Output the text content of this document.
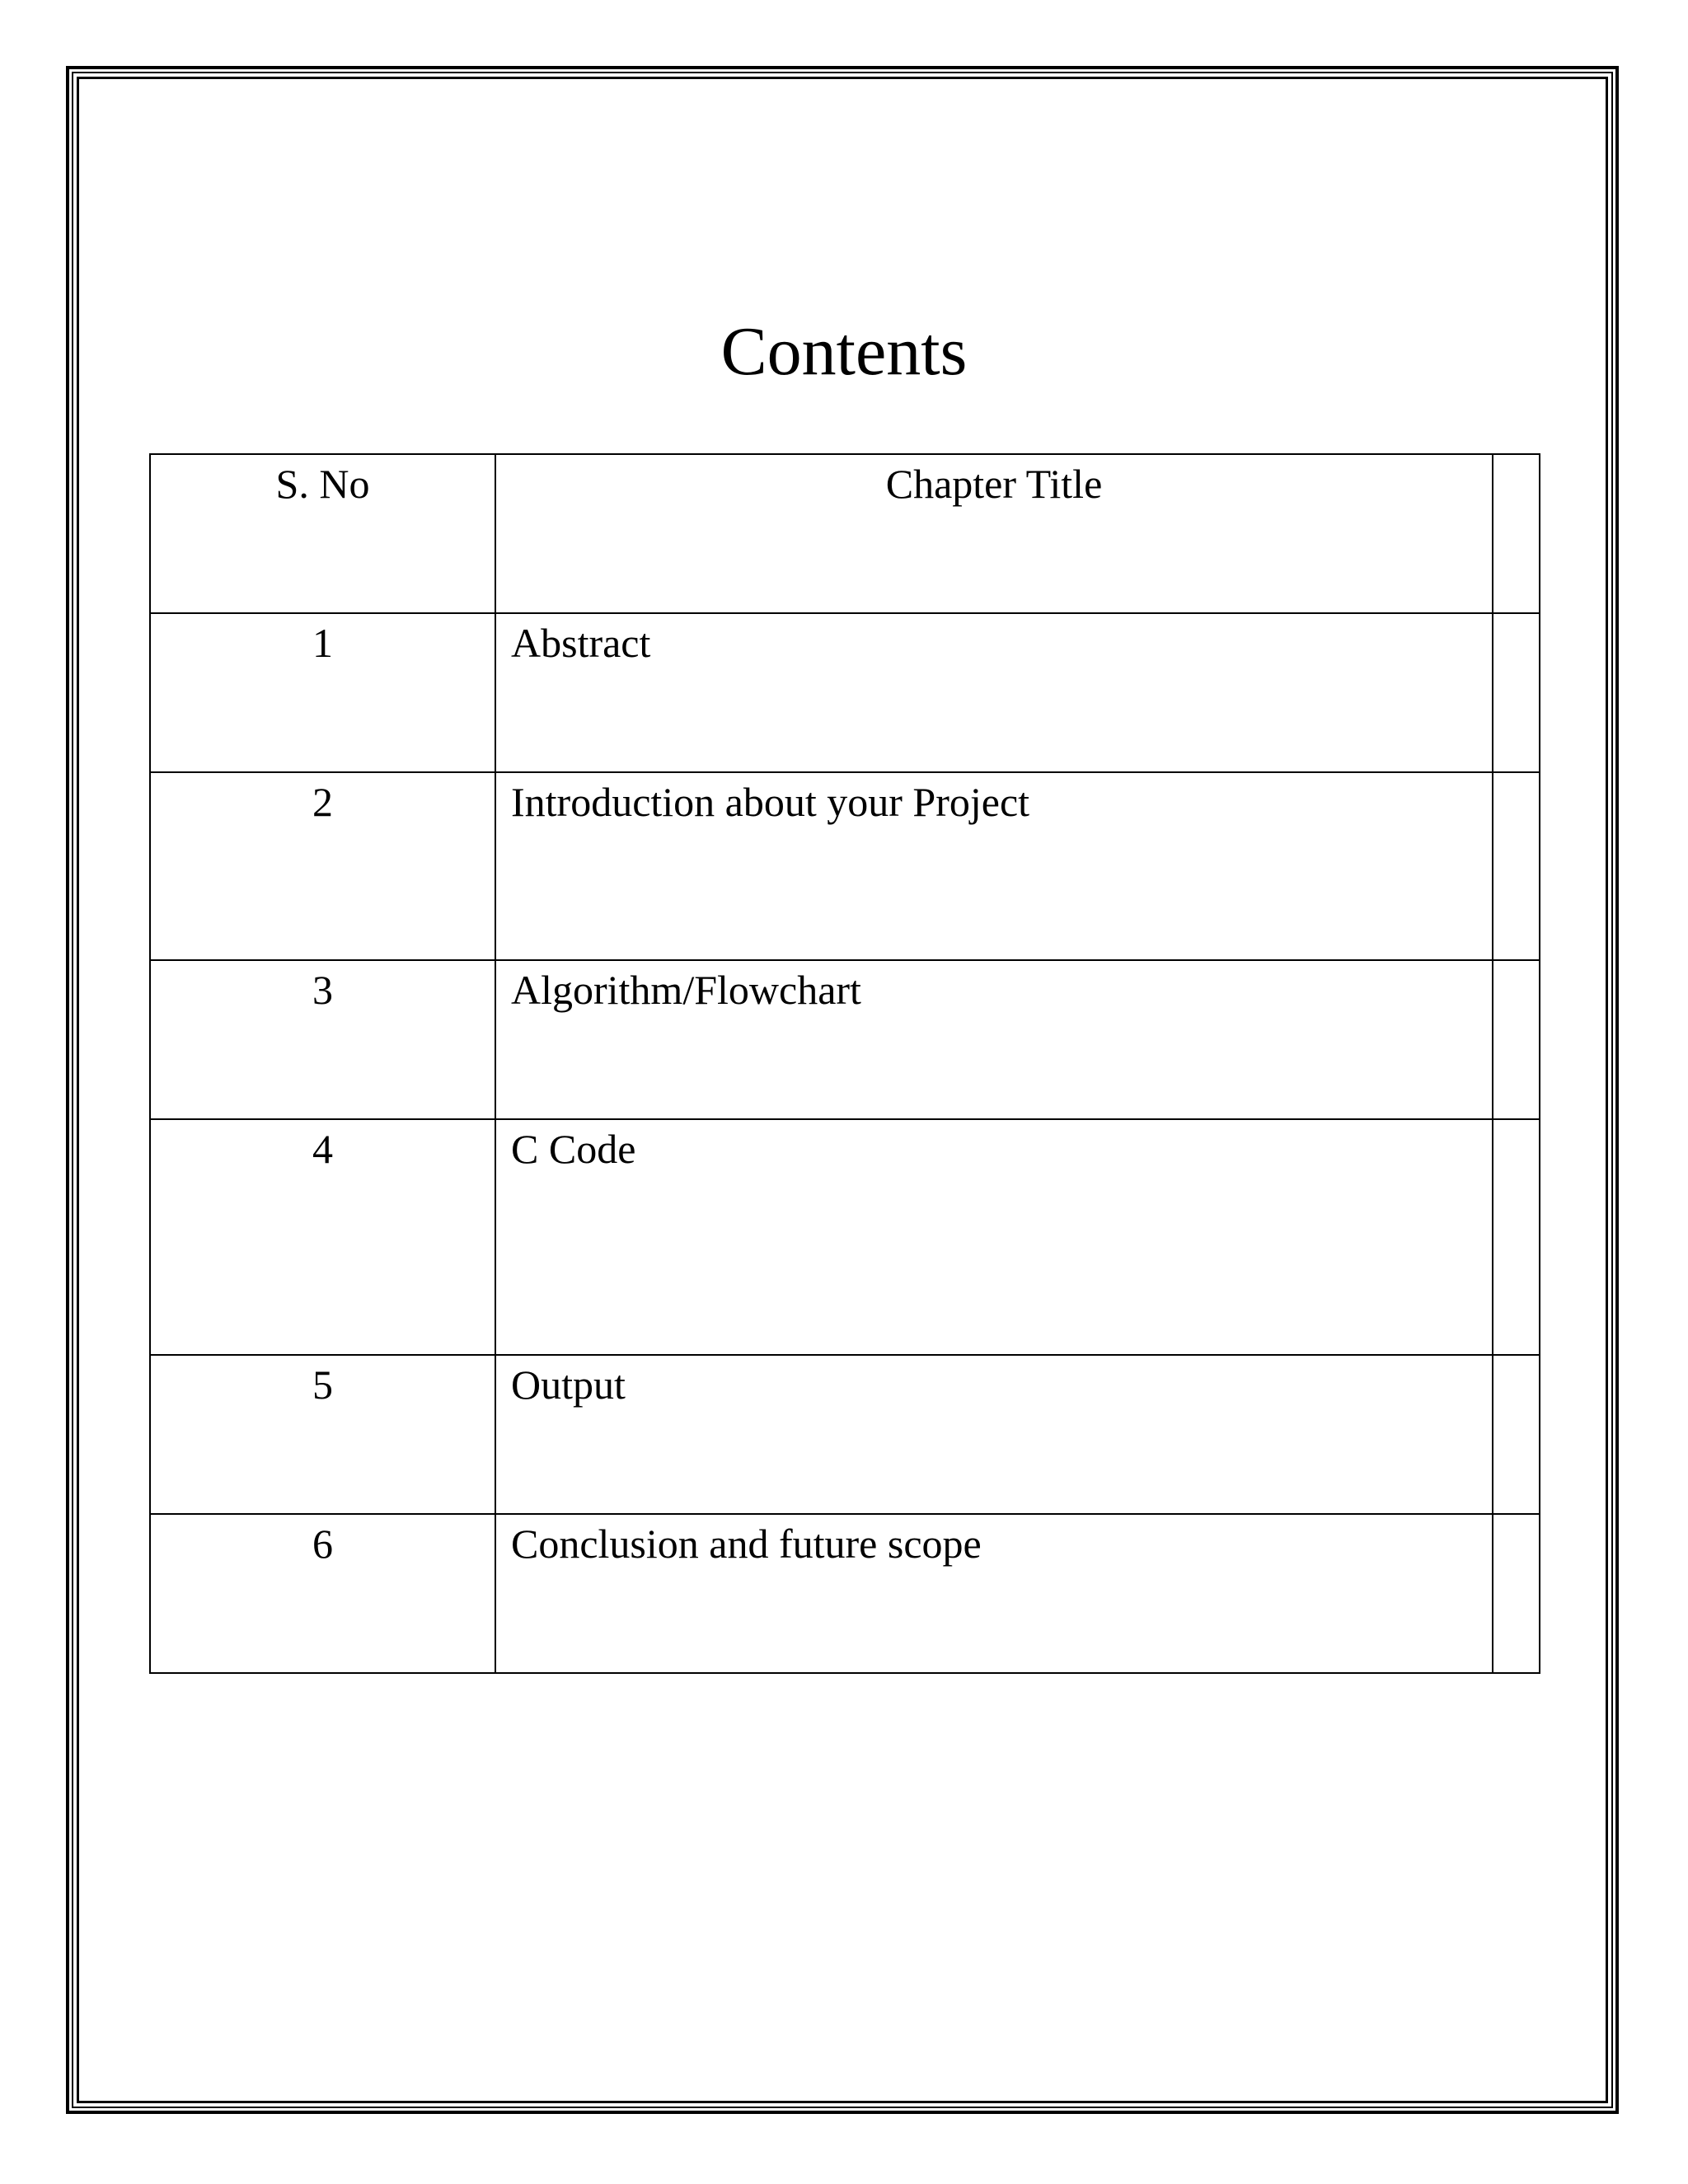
Contents
S. No	Chapter Title	
1	Abstract	
2	Introduction about your Project	
3	Algorithm/Flowchart	
4	C Code	
5	Output	
6	Conclusion and future scope	
